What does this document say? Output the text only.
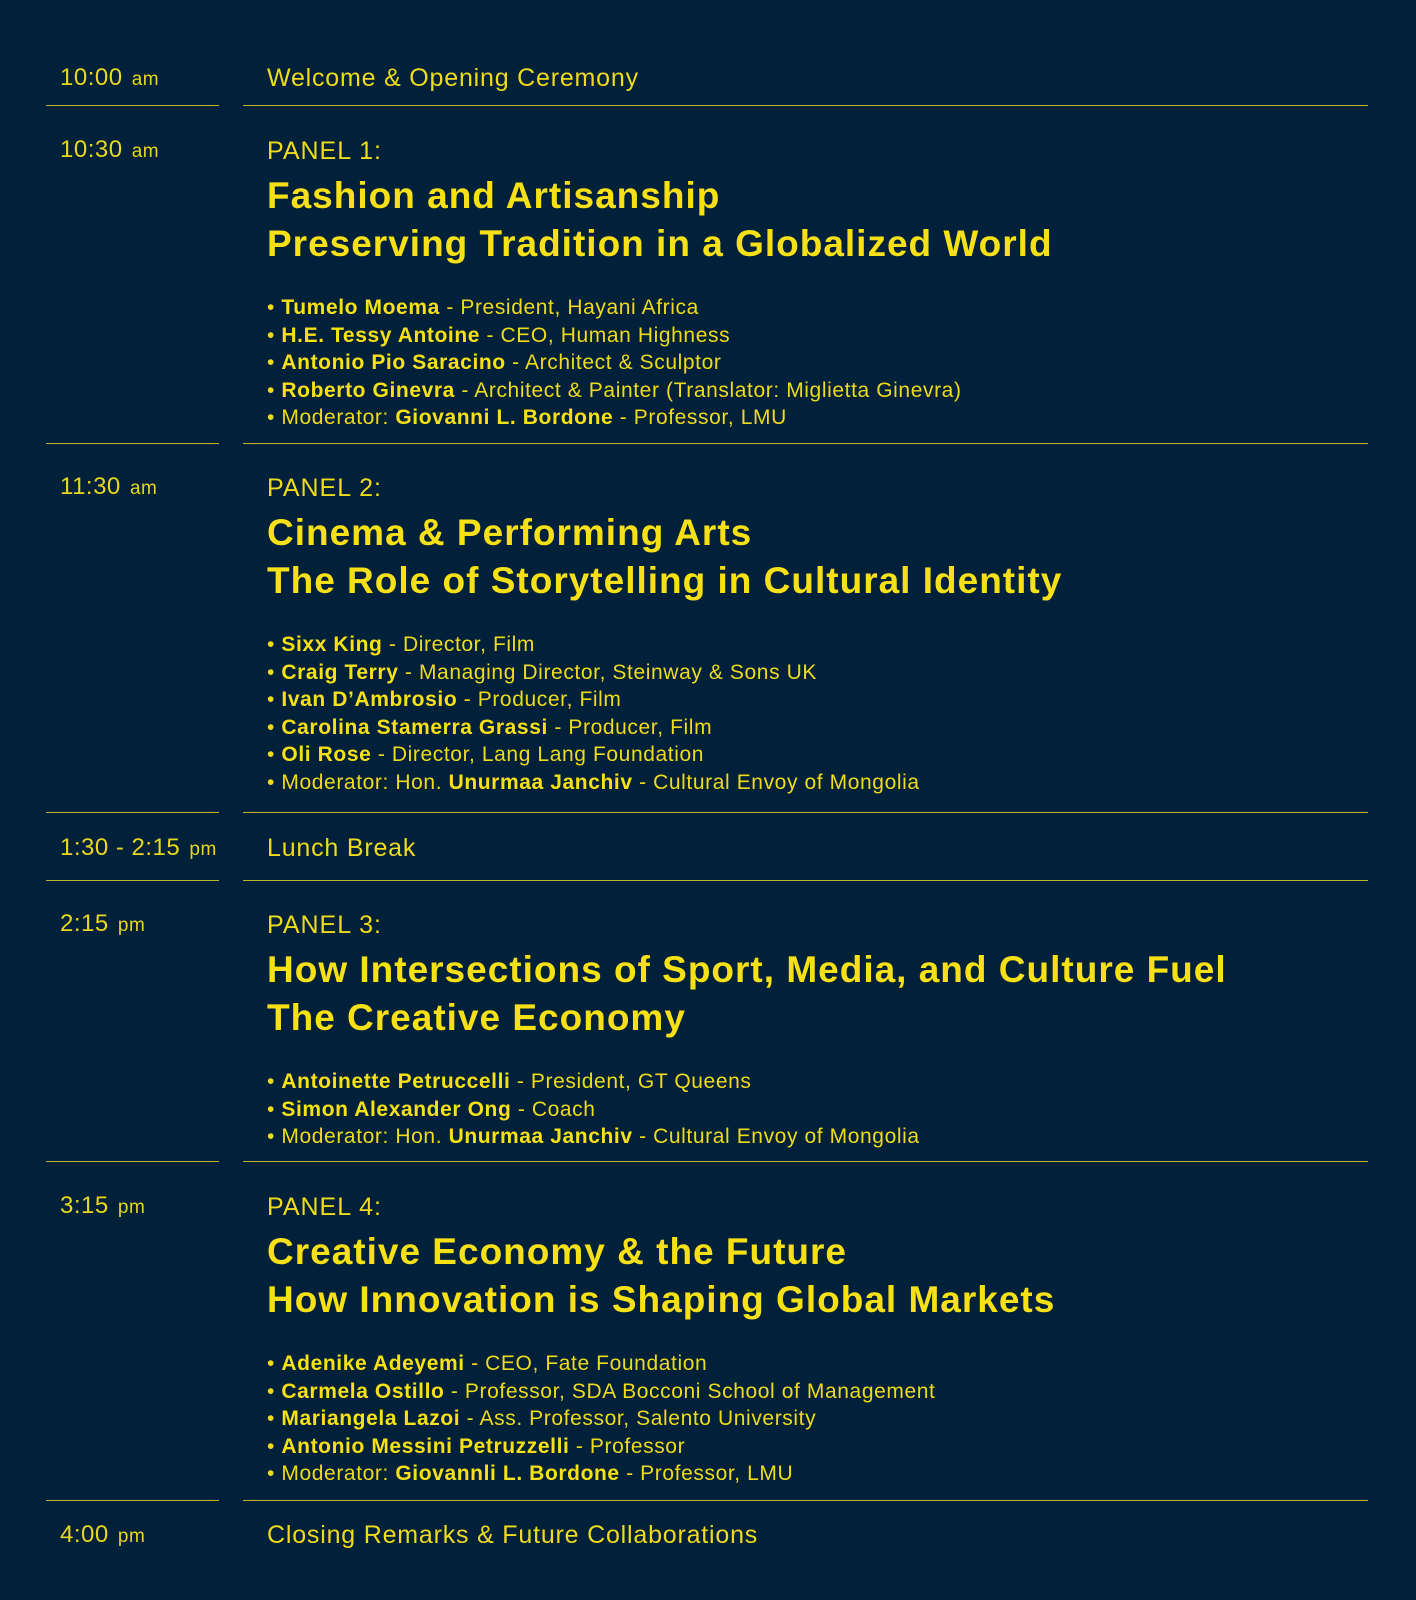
10:00 am	Welcome & Opening Ceremony
10:30 am	PANEL 1:
Fashion and Artisanship
Preserving Tradition in a Globalized World
• Tumelo Moema - President, Hayani Africa
• H.E. Tessy Antoine - CEO, Human Highness
• Antonio Pio Saracino - Architect & Sculptor
• Roberto Ginevra - Architect & Painter (Translator: Miglietta Ginevra)
• Moderator: Giovanni L. Bordone - Professor, LMU
11:30 am	PANEL 2:
Cinema & Performing Arts
The Role of Storytelling in Cultural Identity
• Sixx King - Director, Film
• Craig Terry - Managing Director, Steinway & Sons UK
• Ivan D’Ambrosio - Producer, Film
• Carolina Stamerra Grassi - Producer, Film
• Oli Rose - Director, Lang Lang Foundation
• Moderator: Hon. Unurmaa Janchiv - Cultural Envoy of Mongolia
1:30 - 2:15 pm Lunch Break
2:15 pm	PANEL 3:
How Intersections of Sport, Media, and Culture Fuel
The Creative Economy
• Antoinette Petruccelli - President, GT Queens
• Simon Alexander Ong - Coach
• Moderator: Hon. Unurmaa Janchiv - Cultural Envoy of Mongolia
3:15 pm	PANEL 4:
Creative Economy & the Future
How Innovation is Shaping Global Markets
• Adenike Adeyemi - CEO, Fate Foundation
• Carmela Ostillo - Professor, SDA Bocconi School of Management
• Mariangela Lazoi - Ass. Professor, Salento University
• Antonio Messini Petruzzelli - Professor
• Moderator: Giovannli L. Bordone - Professor, LMU
4:00 pm	Closing Remarks & Future Collaborations
